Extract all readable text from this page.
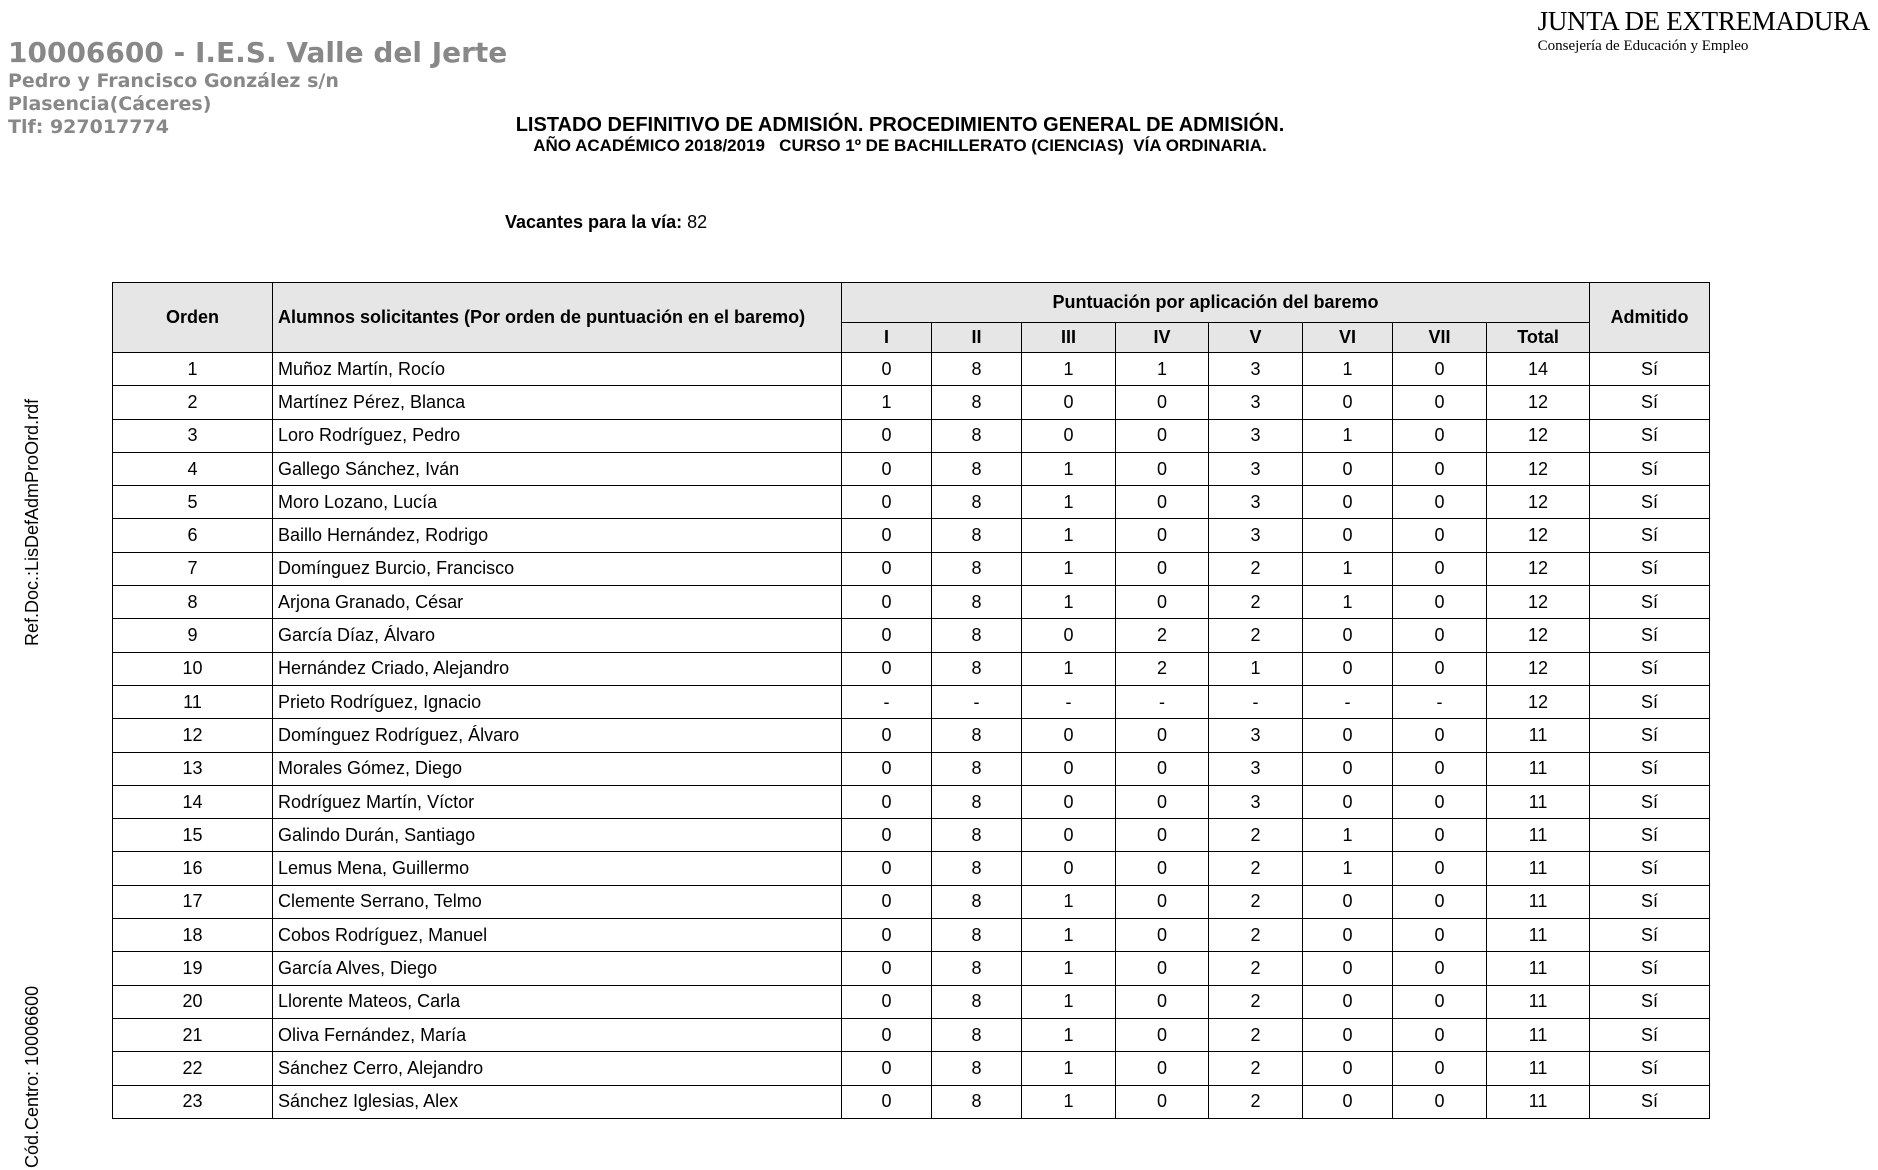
10006600 - I.E.S. Valle del Jerte
Pedro y Francisco González s/n
Plasencia(Cáceres)
Tlf: 927017774
JUNTA DE EXTREMADURA
Consejería de Educación y Empleo
LISTADO DEFINITIVO DE ADMISIÓN. PROCEDIMIENTO GENERAL DE ADMISIÓN.
AÑO ACADÉMICO 2018/2019   CURSO 1º DE BACHILLERATO (CIENCIAS)  VÍA ORDINARIA.
Vacantes para la vía: 82
Ref.Doc.:LisDefAdmProOrd.rdf
Cód.Centro: 10006600
Orden	Alumnos solicitantes (Por orden de puntuación en el baremo)	Puntuación por aplicación del baremo								Admitido
		I	II	III	IV	V	VI	VII	Total	
1	Muñoz Martín, Rocío	0	8	1	1	3	1	0	14	Sí
2	Martínez Pérez, Blanca	1	8	0	0	3	0	0	12	Sí
3	Loro Rodríguez, Pedro	0	8	0	0	3	1	0	12	Sí
4	Gallego Sánchez, Iván	0	8	1	0	3	0	0	12	Sí
5	Moro Lozano, Lucía	0	8	1	0	3	0	0	12	Sí
6	Baillo Hernández, Rodrigo	0	8	1	0	3	0	0	12	Sí
7	Domínguez Burcio, Francisco	0	8	1	0	2	1	0	12	Sí
8	Arjona Granado, César	0	8	1	0	2	1	0	12	Sí
9	García Díaz, Álvaro	0	8	0	2	2	0	0	12	Sí
10	Hernández Criado, Alejandro	0	8	1	2	1	0	0	12	Sí
11	Prieto Rodríguez, Ignacio	-	-	-	-	-	-	-	12	Sí
12	Domínguez Rodríguez, Álvaro	0	8	0	0	3	0	0	11	Sí
13	Morales Gómez, Diego	0	8	0	0	3	0	0	11	Sí
14	Rodríguez Martín, Víctor	0	8	0	0	3	0	0	11	Sí
15	Galindo Durán, Santiago	0	8	0	0	2	1	0	11	Sí
16	Lemus Mena, Guillermo	0	8	0	0	2	1	0	11	Sí
17	Clemente Serrano, Telmo	0	8	1	0	2	0	0	11	Sí
18	Cobos Rodríguez, Manuel	0	8	1	0	2	0	0	11	Sí
19	García Alves, Diego	0	8	1	0	2	0	0	11	Sí
20	Llorente Mateos, Carla	0	8	1	0	2	0	0	11	Sí
21	Oliva Fernández, María	0	8	1	0	2	0	0	11	Sí
22	Sánchez Cerro, Alejandro	0	8	1	0	2	0	0	11	Sí
23	Sánchez Iglesias, Alex	0	8	1	0	2	0	0	11	Sí
